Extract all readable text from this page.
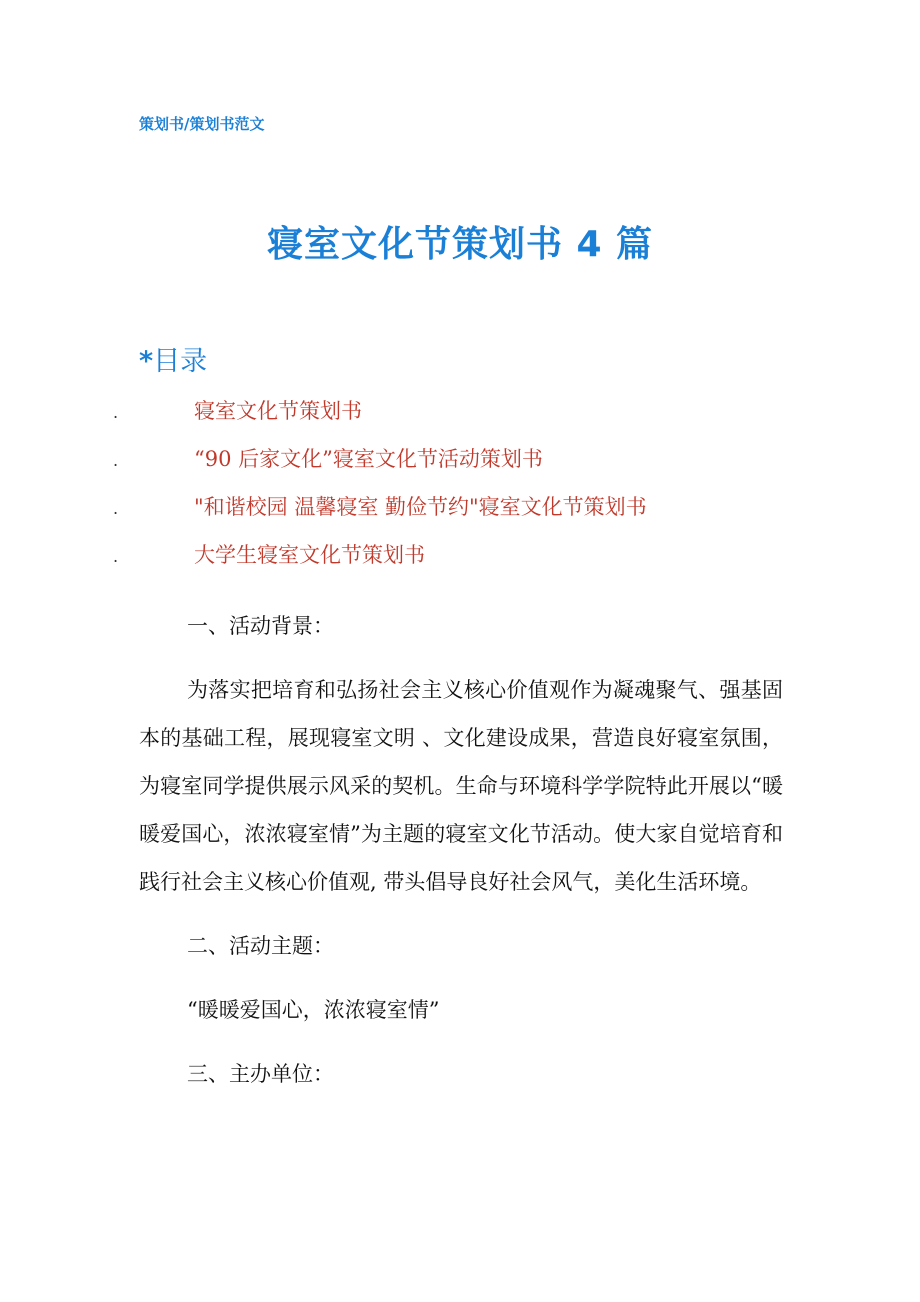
策划书/策划书范文
寝室文化节策划书 4 篇
*目录
.	寝室文化节策划书
.	“90 后家文化”寝室文化节活动策划书
.	"和谐校园 温馨寝室 勤俭节约"寝室文化节策划书
.	大学生寝室文化节策划书

一、活动背景：

为落实把培育和弘扬社会主义核心价值观作为凝魂聚气、强基固本的基础工程，展现寝室文明 、文化建设成果，营造良好寝室氛围，为寝室同学提供展示风采的契机。生命与环境科学学院特此开展以“暖暖爱国心，浓浓寝室情”为主题的寝室文化节活动。使大家自觉培育和践行社会主义核心价值观, 带头倡导良好社会风气，美化生活环境。

二、活动主题：

“暖暖爱国心，浓浓寝室情”

三、主办单位：
